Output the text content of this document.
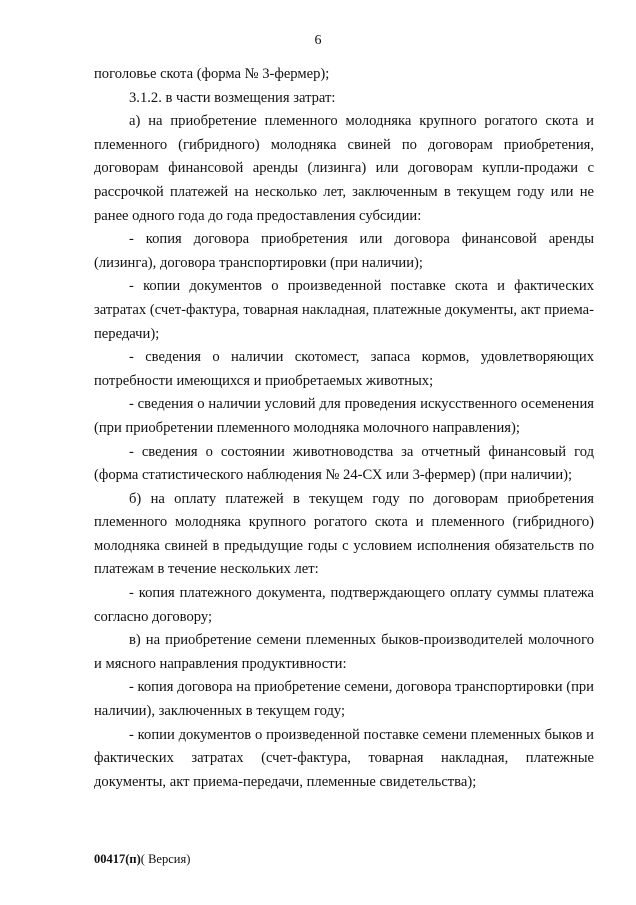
6

поголовье скота (форма № 3-фермер);

3.1.2. в части возмещения затрат:

а) на приобретение племенного молодняка крупного рогатого скота и племенного (гибридного) молодняка свиней по договорам приобретения, договорам финансовой аренды (лизинга) или договорам купли-продажи с рассрочкой платежей на несколько лет, заключенным в текущем году или не ранее одного года до года предоставления субсидии:

- копия договора приобретения или договора финансовой аренды (лизинга), договора транспортировки (при наличии);

- копии документов о произведенной поставке скота и фактических затратах (счет-фактура, товарная накладная, платежные документы, акт приема-передачи);

- сведения о наличии скотомест, запаса кормов, удовлетворяющих потребности имеющихся и приобретаемых животных;

- сведения о наличии условий для проведения искусственного осеменения (при приобретении племенного молодняка молочного направления);

- сведения о состоянии животноводства за отчетный финансовый год (форма статистического наблюдения № 24-СХ или 3-фермер) (при наличии);

б) на оплату платежей в текущем году по договорам приобретения племенного молодняка крупного рогатого скота и племенного (гибридного) молодняка свиней в предыдущие годы с условием исполнения обязательств по платежам в течение нескольких лет:

- копия платежного документа, подтверждающего оплату суммы платежа согласно договору;

в) на приобретение семени племенных быков-производителей молочного и мясного направления продуктивности:

- копия договора на приобретение семени, договора транспортировки (при наличии), заключенных в текущем году;

- копии документов о произведенной поставке семени племенных быков и фактических затратах (счет-фактура, товарная накладная, платежные документы, акт приема-передачи, племенные свидетельства);

00417(п)( Версия)
